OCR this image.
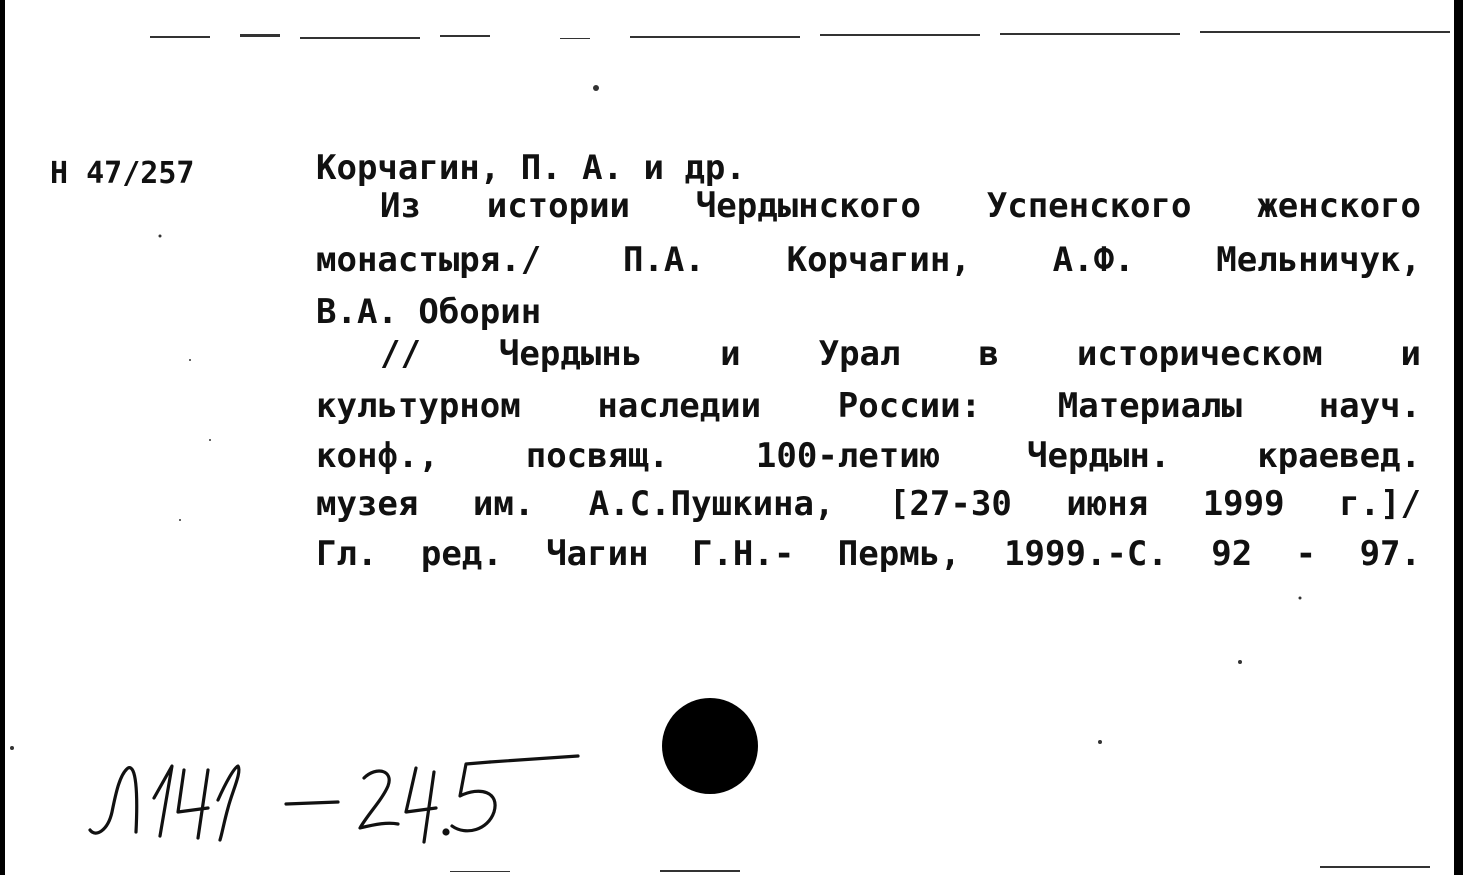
Н 47/257	Корчагин, П. А. и др.
Из истории Чердынского Успенского женского
монастыря./ П.А. Корчагин, А.Ф. Мельничук,
В.А. Оборин
// Чердынь и Урал в историческом и
культурном наследии России: Материалы науч.
конф., посвящ. 100-летию Чердын. краевед.
музея им. А.С.Пушкина, [27-30 июня 1999 г.]/
Гл. ред. Чагин Г.Н.- Пермь, 1999.-С. 92 - 97.
